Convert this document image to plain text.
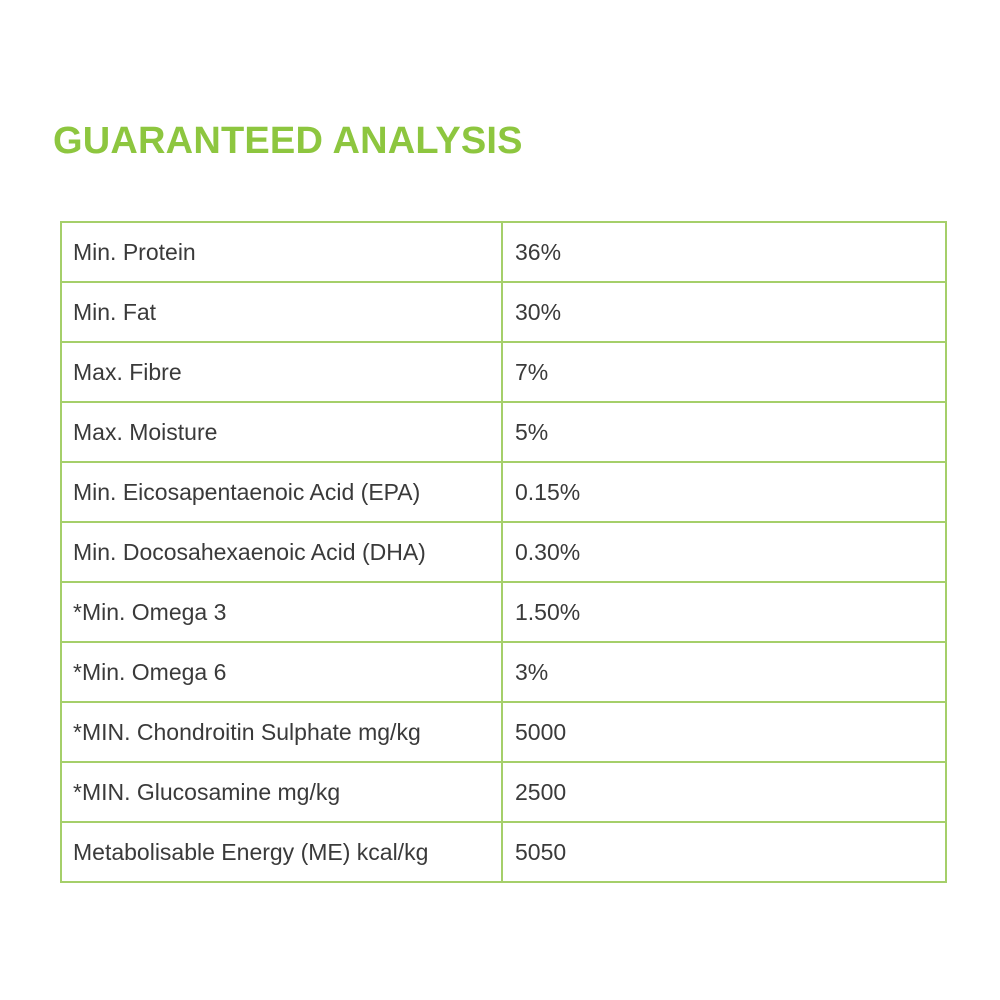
GUARANTEED ANALYSIS
Min. Protein	36%
Min. Fat	30%
Max. Fibre	7%
Max. Moisture	5%
Min. Eicosapentaenoic Acid (EPA)	0.15%
Min. Docosahexaenoic Acid (DHA)	0.30%
*Min. Omega 3	1.50%
*Min. Omega 6	3%
*MIN. Chondroitin Sulphate mg/kg	5000
*MIN. Glucosamine mg/kg	2500
Metabolisable Energy (ME) kcal/kg	5050
